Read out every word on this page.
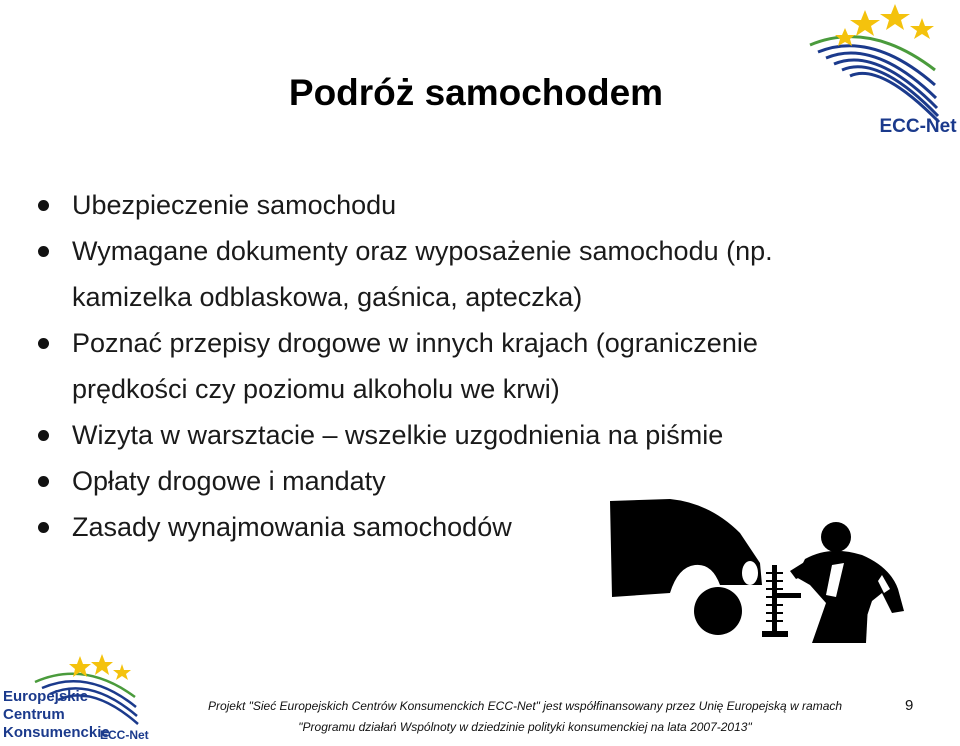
ECC-Net
Podróż samochodem
Ubezpieczenie samochodu
Wymagane dokumenty oraz wyposażenie samochodu (np.
kamizelka odblaskowa, gaśnica, apteczka)
Poznać przepisy drogowe w innych krajach (ograniczenie
prędkości czy poziomu alkoholu we krwi)
Wizyta w warsztacie – wszelkie uzgodnienia na piśmie
Opłaty drogowe i mandaty
Zasady wynajmowania samochodów
Europejskie
Centrum
Konsumenckie
ECC-Net
Projekt "Sieć Europejskich Centrów Konsumenckich ECC-Net" jest współfinansowany przez Unię Europejską w ramach
"Programu działań Wspólnoty w dziedzinie polityki konsumenckiej na lata 2007-2013"
9
